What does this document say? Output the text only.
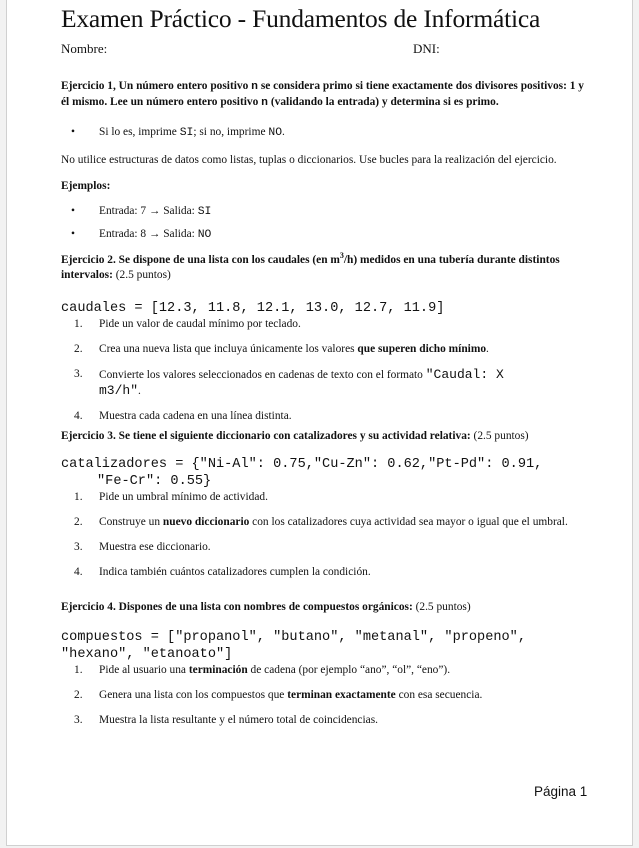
Examen Práctico - Fundamentos de Informática
Nombre:	DNI:

Ejercicio 1, Un número entero positivo n se considera primo si tiene exactamente dos divisores positivos: 1 y él mismo. Lee un número entero positivo n (validando la entrada) y determina si es primo.

• Si lo es, imprime SI; si no, imprime NO.

No utilice estructuras de datos como listas, tuplas o diccionarios. Use bucles para la realización del ejercicio.

Ejemplos:

• Entrada: 7 → Salida: SI
• Entrada: 8 → Salida: NO

Ejercicio 2. Se dispone de una lista con los caudales (en $m^3/h$) medidos en una tubería durante distintos intervalos: (2.5 puntos)

caudales = [12.3, 11.8, 12.1, 13.0, 12.7, 11.9]
1. Pide un valor de caudal mínimo por teclado.
2. Crea una nueva lista que incluya únicamente los valores que superen dicho mínimo.
3. Convierte los valores seleccionados en cadenas de texto con el formato "Caudal: X
m3/h".
4. Muestra cada cadena en una línea distinta.

Ejercicio 3. Se tiene el siguiente diccionario con catalizadores y su actividad relativa: (2.5 puntos)

catalizadores = {"Ni-Al": 0.75,"Cu-Zn": 0.62,"Pt-Pd": 0.91,
"Fe-Cr": 0.55}
1. Pide un umbral mínimo de actividad.
2. Construye un nuevo diccionario con los catalizadores cuya actividad sea mayor o igual que el umbral.
3. Muestra ese diccionario.
4. Indica también cuántos catalizadores cumplen la condición.

Ejercicio 4. Dispones de una lista con nombres de compuestos orgánicos: (2.5 puntos)

compuestos = ["propanol", "butano", "metanal", "propeno",
"hexano", "etanoato"]
1. Pide al usuario una terminación de cadena (por ejemplo “ano”, “ol”, “eno”).
2. Genera una lista con los compuestos que terminan exactamente con esa secuencia.
3. Muestra la lista resultante y el número total de coincidencias.
Página 1
